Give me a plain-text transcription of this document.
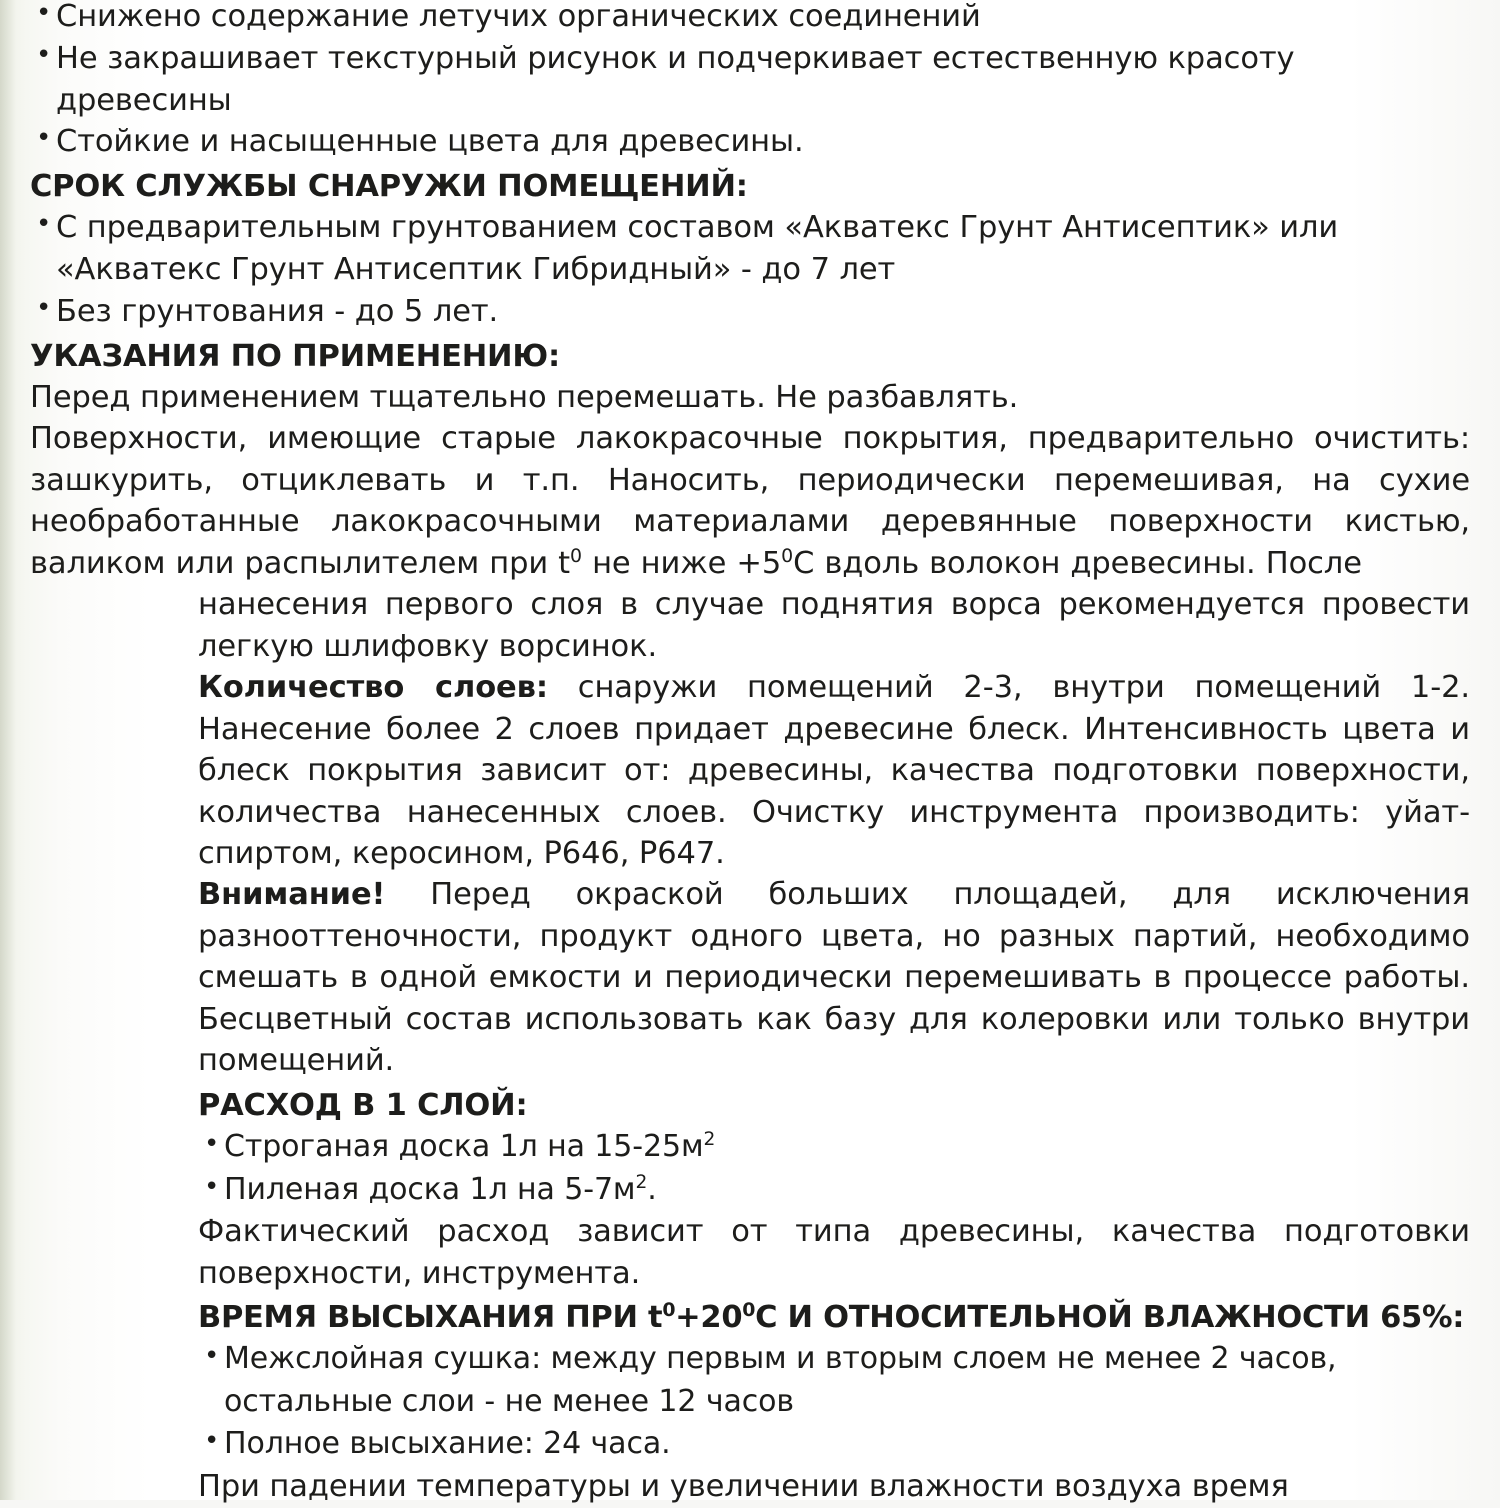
• Снижено содержание летучих органических соединений
• Не закрашивает текстурный рисунок и подчеркивает естественную красоту древесины
• Стойкие и насыщенные цвета для древесины.
СРОК СЛУЖБЫ СНАРУЖИ ПОМЕЩЕНИЙ:
• С предварительным грунтованием составом «Акватекс Грунт Антисептик» или
«Акватекс Грунт Антисептик Гибридный» - до 7 лет
• Без грунтования - до 5 лет.
УКАЗАНИЯ ПО ПРИМЕНЕНИЮ:

Перед применением тщательно перемешать. Не разбавлять.

Поверхности, имеющие старые лакокрасочные покрытия, предварительно очистить: зашкурить, отциклевать и т.п. Наносить, периодически перемешивая, на сухие необработанные лакокрасочными материалами деревянные поверхности кистью, валиком или распылителем при $t^0$ не ниже $+5^0С$ вдоль волокон древесины. После

нанесения первого слоя в случае поднятия ворса рекомендуется провести легкую шлифовку ворсинок.

Количество слоев: снаружи помещений 2-3, внутри помещений 1-2. Нанесение более 2 слоев придает древесине блеск. Интенсивность цвета и блеск покрытия зависит от: древесины, качества подготовки поверхности, количества нанесенных слоев. Очистку инструмента производить: уйат-спиртом, керосином, Р646, Р647.

Внимание! Перед окраской больших площадей, для исключения разнооттеночности, продукт одного цвета, но разных партий, необходимо смешать в одной емкости и периодически перемешивать в процессе работы. Бесцветный состав использовать как базу для колеровки или только внутри помещений.

РАСХОД В 1 СЛОЙ:
• Строганая доска 1л на $15-25м^2$
• Пиленая доска 1л на $5-7м^2$.

Фактический расход зависит от типа древесины, качества подготовки поверхности, инструмента.

ВРЕМЯ ВЫСЫХАНИЯ ПРИ $t^0+20^0С$ И ОТНОСИТЕЛЬНОЙ ВЛАЖНОСТИ 65%:
• Межслойная сушка: между первым и вторым слоем не менее 2 часов,
остальные слои - не менее 12 часов
• Полное высыхание: 24 часа.

При падении температуры и увеличении влажности воздуха время
